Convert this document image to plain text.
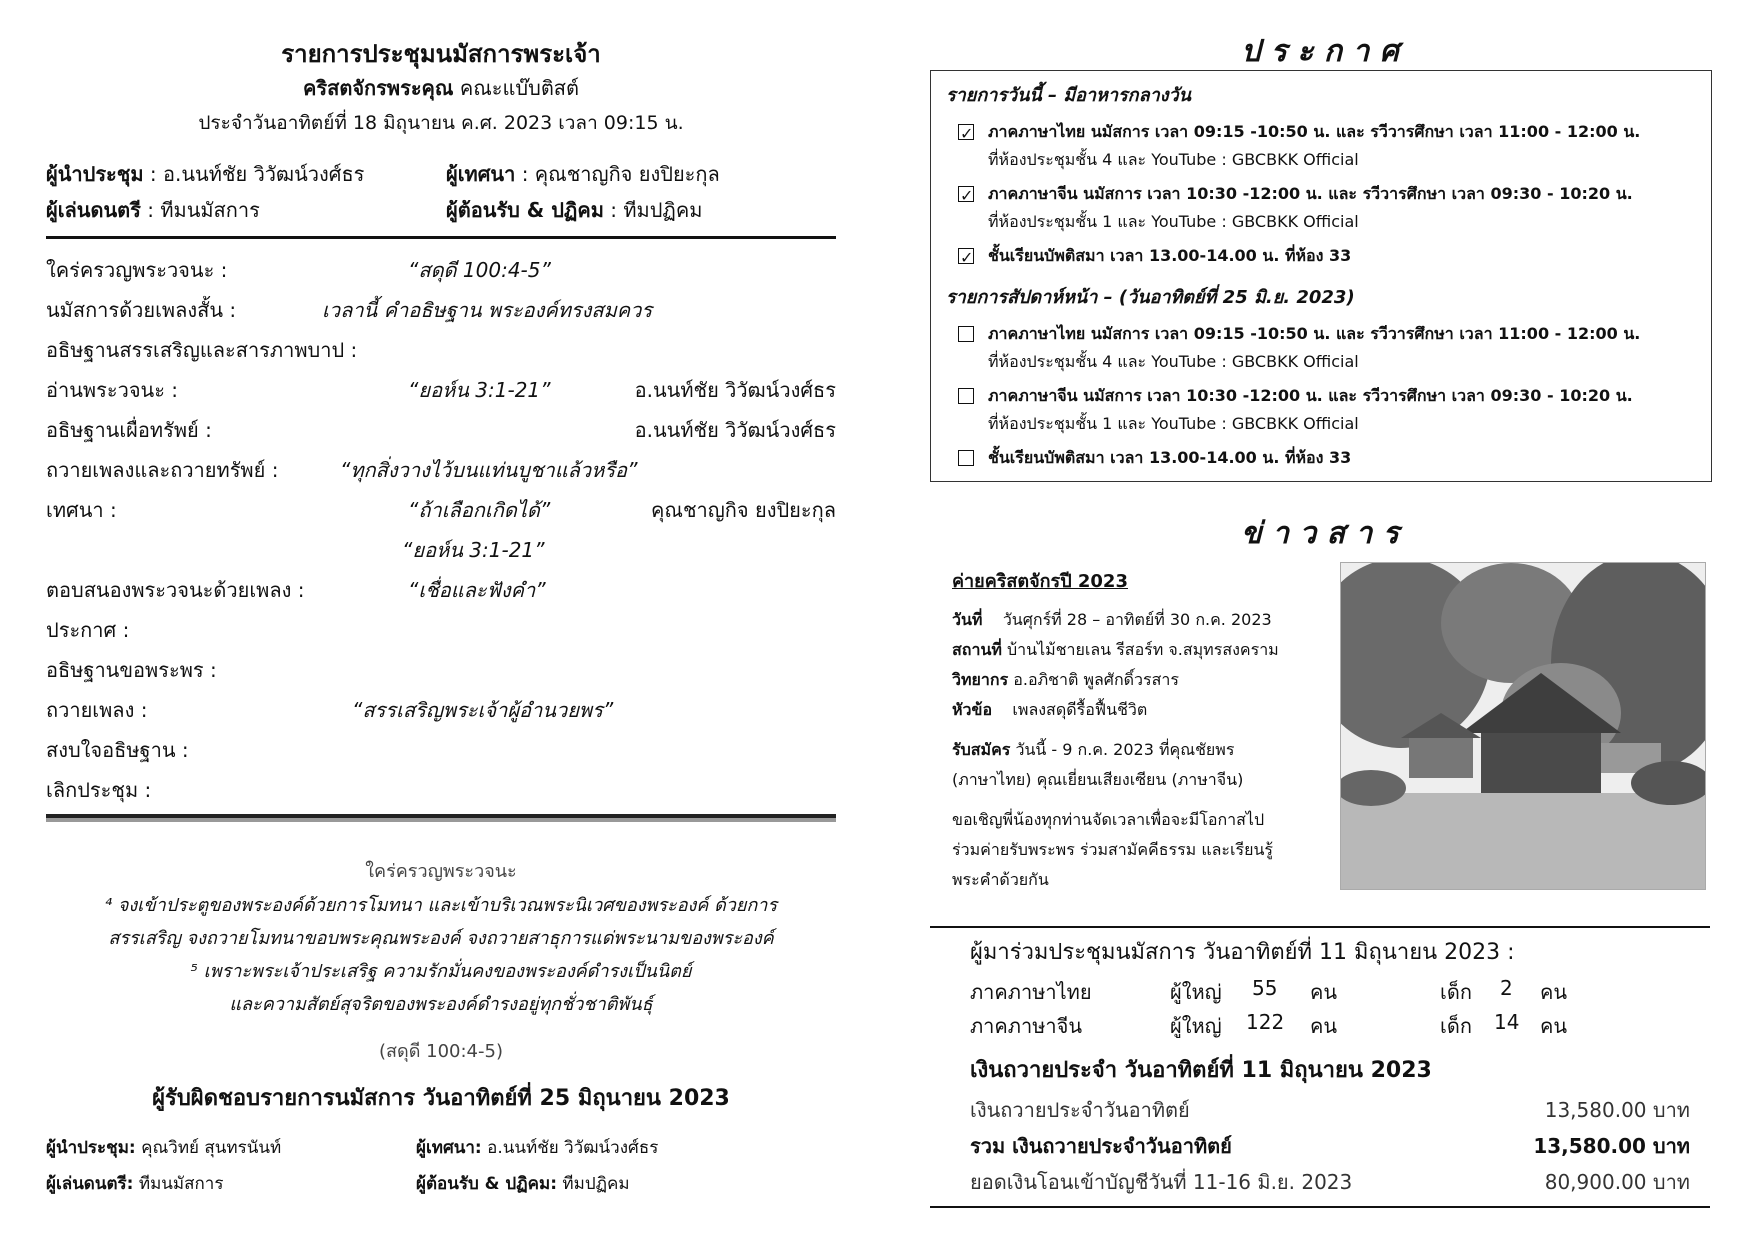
รายการประชุมนมัสการพระเจ้า
คริสตจักรพระคุณ คณะแบ๊บติสต์
ประจำวันอาทิตย์ที่ 18 มิถุนายน ค.ศ. 2023 เวลา 09:15 น.
ผู้นำประชุม : อ.นนท์ชัย วิวัฒน์วงศ์ธร	ผู้เทศนา : คุณชาญกิจ ยงปิยะกุล
ผู้เล่นดนตรี : ทีมนมัสการ	ผู้ต้อนรับ & ปฏิคม : ทีมปฏิคม
ใคร่ครวญพระวจนะ :	“สดุดี 100:4-5”
นมัสการด้วยเพลงสั้น :	เวลานี้ คำอธิษฐาน พระองค์ทรงสมควร
อธิษฐานสรรเสริญและสารภาพบาป :
อ่านพระวจนะ :	“ยอห์น 3:1-21”	อ.นนท์ชัย วิวัฒน์วงศ์ธร
อธิษฐานเผื่อทรัพย์ :	อ.นนท์ชัย วิวัฒน์วงศ์ธร
ถวายเพลงและถวายทรัพย์ :	“ทุกสิ่งวางไว้บนแท่นบูชาแล้วหรือ”
เทศนา :	“ถ้าเลือกเกิดได้”	คุณชาญกิจ ยงปิยะกุล
“ยอห์น 3:1-21”
ตอบสนองพระวจนะด้วยเพลง :	“เชื่อและฟังคำ”
ประกาศ :
อธิษฐานขอพระพร :
ถวายเพลง :	“สรรเสริญพระเจ้าผู้อำนวยพร”
สงบใจอธิษฐาน :
เลิกประชุม :
ใคร่ครวญพระวจนะ
⁴ จงเข้าประตูของพระองค์ด้วยการโมทนา และเข้าบริเวณพระนิเวศของพระองค์ ด้วยการ
สรรเสริญ จงถวายโมทนาขอบพระคุณพระองค์ จงถวายสาธุการแด่พระนามของพระองค์
⁵ เพราะพระเจ้าประเสริฐ ความรักมั่นคงของพระองค์ดำรงเป็นนิตย์
และความสัตย์สุจริตของพระองค์ดำรงอยู่ทุกชั่วชาติพันธุ์
(สดุดี 100:4-5)
ผู้รับผิดชอบรายการนมัสการ วันอาทิตย์ที่ 25 มิถุนายน 2023
ผู้นำประชุม: คุณวิทย์ สุนทรนันท์	ผู้เทศนา: อ.นนท์ชัย วิวัฒน์วงศ์ธร
ผู้เล่นดนตรี: ทีมนมัสการ	ผู้ต้อนรับ & ปฏิคม: ทีมปฏิคม
ป ร ะ ก า ศ
รายการวันนี้ – มีอาหารกลางวัน
✓
ภาคภาษาไทย นมัสการ เวลา 09:15 -10:50 น. และ รวีวารศึกษา เวลา 11:00 - 12:00 น.
ที่ห้องประชุมชั้น 4 และ YouTube : GBCBKK Official
✓
ภาคภาษาจีน นมัสการ เวลา 10:30 -12:00 น. และ รวีวารศึกษา เวลา 09:30 - 10:20 น.
ที่ห้องประชุมชั้น 1 และ YouTube : GBCBKK Official
✓
ชั้นเรียนบัพติสมา เวลา 13.00-14.00 น. ที่ห้อง 33
รายการสัปดาห์หน้า – (วันอาทิตย์ที่ 25 มิ.ย. 2023)
ภาคภาษาไทย นมัสการ เวลา 09:15 -10:50 น. และ รวีวารศึกษา เวลา 11:00 - 12:00 น.
ที่ห้องประชุมชั้น 4 และ YouTube : GBCBKK Official
ภาคภาษาจีน นมัสการ เวลา 10:30 -12:00 น. และ รวีวารศึกษา เวลา 09:30 - 10:20 น.
ที่ห้องประชุมชั้น 1 และ YouTube : GBCBKK Official
ชั้นเรียนบัพติสมา เวลา 13.00-14.00 น. ที่ห้อง 33
ข่ า ว ส า ร
ค่ายคริสตจักรปี 2023
วันที่ วันศุกร์ที่ 28 – อาทิตย์ที่ 30 ก.ค. 2023
สถานที่ บ้านไม้ชายเลน รีสอร์ท จ.สมุทรสงคราม
วิทยากร อ.อภิชาติ พูลศักดิ์วรสาร
หัวข้อ เพลงสดุดีรื้อฟื้นชีวิต
รับสมัคร วันนี้ - 9 ก.ค. 2023 ที่คุณชัยพร
(ภาษาไทย) คุณเยี่ยนเสียงเซียน (ภาษาจีน)
ขอเชิญพี่น้องทุกท่านจัดเวลาเพื่อจะมีโอกาสไป
ร่วมค่ายรับพระพร ร่วมสามัคคีธรรม และเรียนรู้
พระคำด้วยกัน
ผู้มาร่วมประชุมนมัสการ วันอาทิตย์ที่ 11 มิถุนายน 2023 :
ภาคภาษาไทย	ผู้ใหญ่ 55 คน	เด็ก 2 คน
ภาคภาษาจีน	ผู้ใหญ่ 122 คน	เด็ก 14 คน
เงินถวายประจำ วันอาทิตย์ที่ 11 มิถุนายน 2023
เงินถวายประจำวันอาทิตย์	13,580.00 บาท
รวม เงินถวายประจำวันอาทิตย์	13,580.00 บาท
ยอดเงินโอนเข้าบัญชีวันที่ 11-16 มิ.ย. 2023	80,900.00 บาท
